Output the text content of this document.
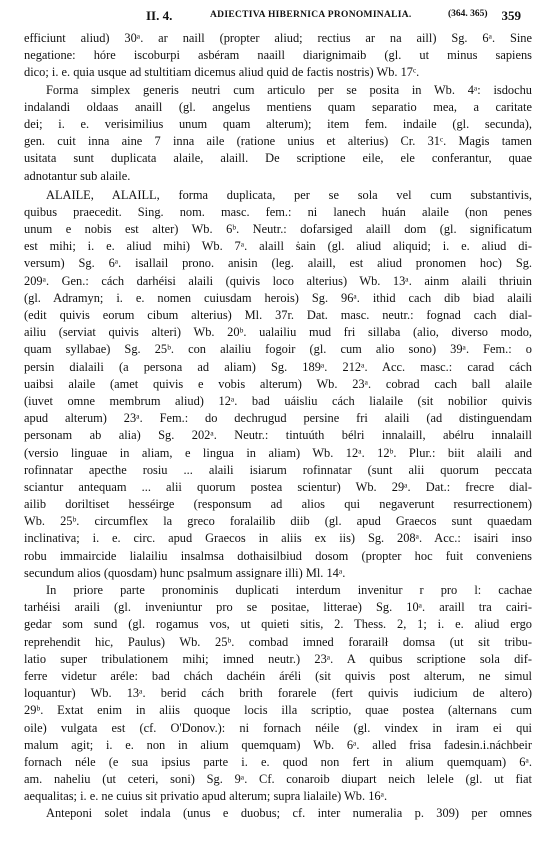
II. 4.	ADIECTIVA HIBERNICA PRONOMINALIA.	(364. 365) 359
efficiunt aliud) 30ᵃ. ar naill (propter aliud; rectius ar na aill) Sg. 6ᵃ. Sine
negatione: hóre iscoburpi asbéram naaill diarignimaib (gl. ut minus sapiens
dico; i. e. quia usque ad stultitiam dicemus aliud quid de factis nostris) Wb. 17ᶜ.
Forma simplex generis neutri cum articulo per se posita in Wb. 4ᵃ: isdochu
indalandi oldaas anaill (gl. angelus mentiens quam separatio mea, a caritate
dei; i. e. verisimilius unum quam alterum); item fem. indaile (gl. secunda),
gen. cuit inna aine 7 inna aile (ratione unius et alterius) Cr. 31ᶜ. Magis tamen
usitata sunt duplicata alaile, alaill. De scriptione eile, ele conferantur, quae
adnotantur sub alaile.
ALAILE, ALAILL, forma duplicata, per se sola vel cum substantivis,
quibus praecedit. Sing. nom. masc. fem.: ni lanech huán alaile (non penes
unum e nobis est alter) Wb. 6ᵇ. Neutr.: dofarsiged alaill dom (gl. significatum
est mihi; i. e. aliud mihi) Wb. 7ᵃ. alaill ṡain (gl. aliud aliquid; i. e. aliud di-
versum) Sg. 6ᵃ. isallail prono. anisin (leg. alaill, est aliud pronomen hoc) Sg.
209ᵃ. Gen.: cách darhéisi alaili (quivis loco alterius) Wb. 13ᵃ. ainm alaili thriuin
(gl. Adramyn; i. e. nomen cuiusdam herois) Sg. 96ᵃ. ithid cach dib biad alaili
(edit quivis eorum cibum alterius) Ml. 37r. Dat. masc. neutr.: fognad cach dial-
ailiu (serviat quivis alteri) Wb. 20ᵇ. ualailiu mud fri sillaba (alio, diverso modo,
quam syllabae) Sg. 25ᵇ. con alailiu fogoir (gl. cum alio sono) 39ᵃ. Fem.: o
persin dialaili (a persona ad aliam) Sg. 189ᵃ. 212ᵃ. Acc. masc.: carad cách
uaibsi alaile (amet quivis e vobis alterum) Wb. 23ᵃ. cobrad cach ball alaile
(iuvet omne membrum aliud) 12ᵃ. bad uáisliu cách lialaile (sit nobilior quivis
apud alterum) 23ᵃ. Fem.: do dechrugud persine fri alaili (ad distinguendam
personam ab alia) Sg. 202ᵃ. Neutr.: tintuúth bélri innalaill, abélru innalaill
(versio linguae in aliam, e lingua in aliam) Wb. 12ᵃ. 12ᵇ. Plur.: biit alaili and
rofinnatar apecthe rosiu ... alaili isiarum rofinnatar (sunt alii quorum peccata
sciantur antequam ... alii quorum postea scientur) Wb. 29ᵃ. Dat.: frecre dial-
ailib doriltiset hesséirge (responsum ad alios qui negaverunt resurrectionem)
Wb. 25ᵇ. circumflex la greco foralailib diib (gl. apud Graecos sunt quaedam
inclinativa; i. e. circ. apud Graecos in aliis ex iis) Sg. 208ᵃ. Acc.: isairi inso
robu immaircide lialailiu insalmsa dothaisilbiud dosom (propter hoc fuit conveniens
secundum alios (quosdam) hunc psalmum assignare illi) Ml. 14ᵃ.
In priore parte pronominis duplicati interdum invenitur r pro l: cachae
tarhéisi araili (gl. inveniuntur pro se positae, litterae) Sg. 10ᵃ. araill tra cairi-
gedar som sund (gl. rogamus vos, ut quieti sitis, 2. Thess. 2, 1; i. e. aliud ergo
reprehendit hic, Paulus) Wb. 25ᵇ. combad imned forarailł domsa (ut sit tribu-
latio super tribulationem mihi; imned neutr.) 23ᵃ. A quibus scriptione sola dif-
ferre videtur aréle: bad chách dachéin áréli (sit quivis post alterum, ne simul
loquantur) Wb. 13ᵃ. berid cách brith forarele (fert quivis iudicium de altero)
29ᵇ. Extat enim in aliis quoque locis illa scriptio, quae postea (alternans cum
oile) vulgata est (cf. O'Donov.): ni fornach néile (gl. vindex in iram ei qui
malum agit; i. e. non in alium quemquam) Wb. 6ᵃ. alled frisa fadesin.i.náchbeir
fornach néle (e sua ipsius parte i. e. quod non fert in alium quemquam) 6ᵃ.
am. naheliu (ut ceteri, soni) Sg. 9ᵃ. Cf. conaroib diupart neich lelele (gl. ut fiat
aequalitas; i. e. ne cuius sit privatio apud alterum; supra lialaile) Wb. 16ᵃ.
Anteponi solet indala (unus e duobus; cf. inter numeralia p. 309) per omnes
